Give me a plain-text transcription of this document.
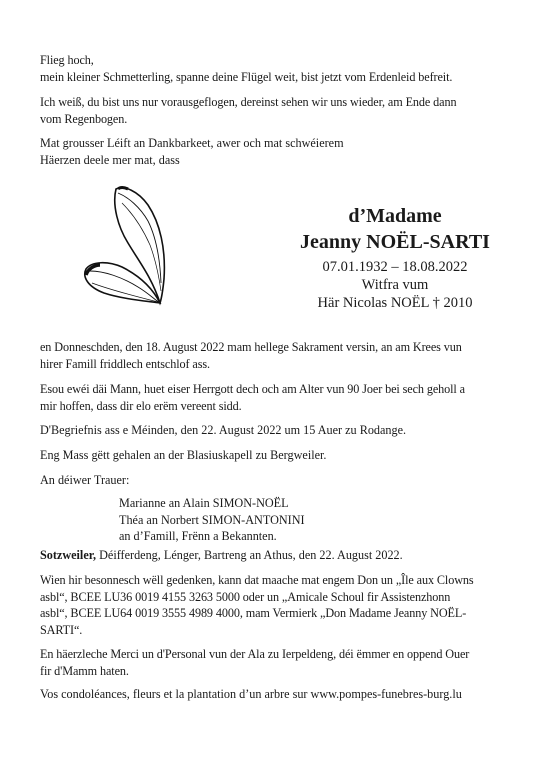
Flieg hoch,

mein kleiner Schmetterling, spanne deine Flügel weit, bist jetzt vom Erdenleid befreit.

Ich weiß, du bist uns nur vorausgeflogen, dereinst sehen wir uns wieder, am Ende dann

vom Regenbogen.

Mat grousser Léift an Dankbarkeet, awer och mat schwéierem

Häerzen deele mer mat, dass

d’Madame
Jeanny NOËL-SARTI
07.01.1932 – 18.08.2022
Witfra vum
Här Nicolas NOËL † 2010

en Donneschden, den 18. August 2022 mam hellege Sakrament versin, an am Krees vun

hirer Famill friddlech entschlof ass.

Esou ewéi däi Mann, huet eiser Herrgott dech och am Alter vun 90 Joer bei sech geholl a

mir hoffen, dass dir elo erëm vereent sidd.

D'Begriefnis ass e Méinden, den 22. August 2022 um 15 Auer zu Rodange.

Eng Mass gëtt gehalen an der Blasiuskapell zu Bergweiler.

An déiwer Trauer:

Marianne an Alain SIMON-NOËL

Théa an Norbert SIMON-ANTONINI

an d’Famill, Frënn a Bekannten.

Sotzweiler, Déifferdeng, Lénger, Bartreng an Athus, den 22. August 2022.

Wien hir besonnesch wëll gedenken, kann dat maache mat engem Don un „Île aux Clowns

asbl“, BCEE LU36 0019 4155 3263 5000 oder un „Amicale Schoul fir Assistenzhonn

asbl“, BCEE LU64 0019 3555 4989 4000, mam Vermierk „Don Madame Jeanny NOËL-

SARTI“.

En häerzleche Merci un d'Personal vun der Ala zu Ierpeldeng, déi ëmmer en oppend Ouer

fir d'Mamm haten.

Vos condoléances, fleurs et la plantation d’un arbre sur www.pompes-funebres-burg.lu
